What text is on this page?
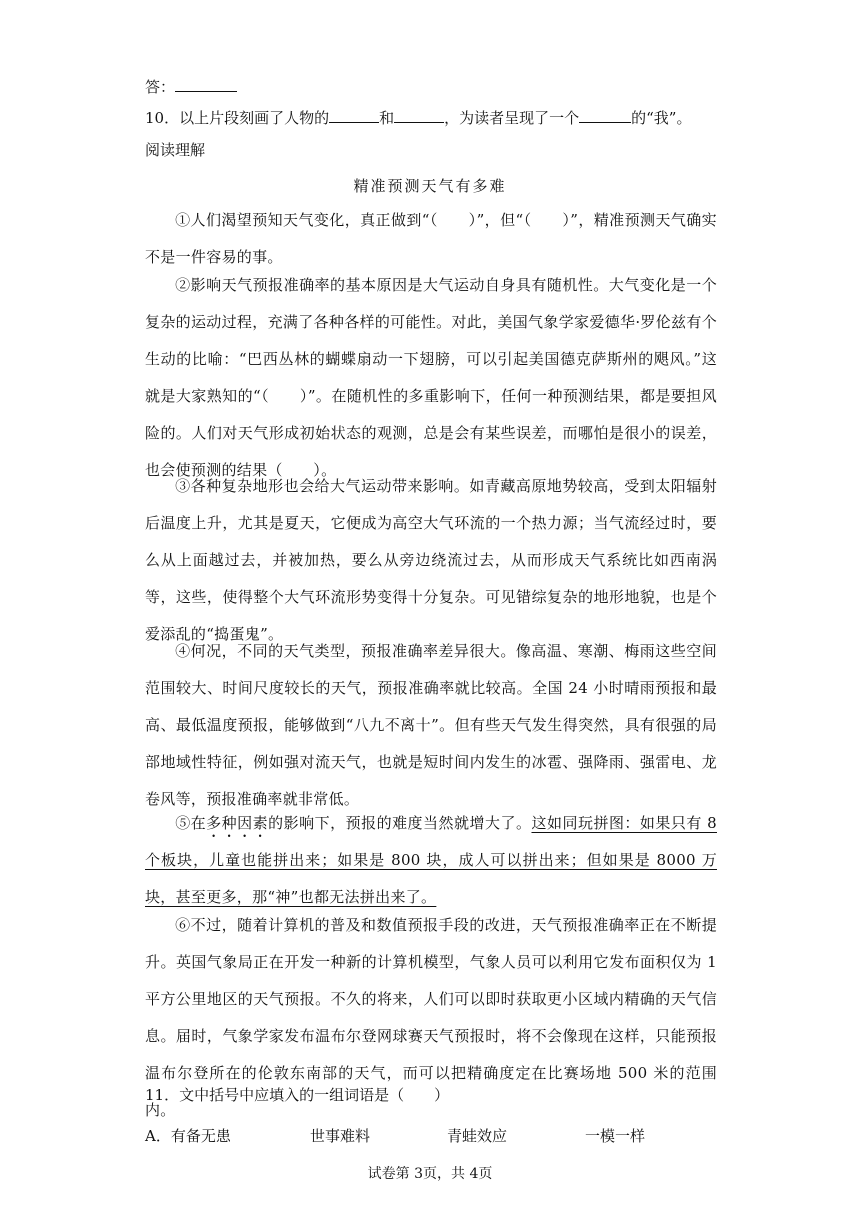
答：
10．以上片段刻画了人物的	和	，为读者呈现了一个	的“我”。
阅读理解
精准预测天气有多难
①人们渴望预知天气变化，真正做到“（　　）”，但“（　　）”，精准预测天气确实不是一件容易的事。
②影响天气预报准确率的基本原因是大气运动自身具有随机性。大气变化是一个复杂的运动过程，充满了各种各样的可能性。对此，美国气象学家爱德华·罗伦兹有个生动的比喻：“巴西丛林的蝴蝶扇动一下翅膀，可以引起美国德克萨斯州的飓风。”这就是大家熟知的“（　　）”。在随机性的多重影响下，任何一种预测结果，都是要担风险的。人们对天气形成初始状态的观测，总是会有某些误差，而哪怕是很小的误差，也会使预测的结果（　　）。
③各种复杂地形也会给大气运动带来影响。如青藏高原地势较高，受到太阳辐射后温度上升，尤其是夏天，它便成为高空大气环流的一个热力源；当气流经过时，要么从上面越过去，并被加热，要么从旁边绕流过去，从而形成天气系统比如西南涡等，这些，使得整个大气环流形势变得十分复杂。可见错综复杂的地形地貌，也是个爱添乱的“捣蛋鬼”。
④何况，不同的天气类型，预报准确率差异很大。像高温、寒潮、梅雨这些空间范围较大、时间尺度较长的天气，预报准确率就比较高。全国 24 小时晴雨预报和最高、最低温度预报，能够做到“八九不离十”。但有些天气发生得突然，具有很强的局部地域性特征，例如强对流天气，也就是短时间内发生的冰雹、强降雨、强雷电、龙卷风等，预报准确率就非常低。
⑤在多种因素的影响下，预报的难度当然就增大了。这如同玩拼图：如果只有 8 个板块，儿童也能拼出来；如果是 800 块，成人可以拼出来；但如果是 8000 万块，甚至更多，那“神”也都无法拼出来了。
⑥不过，随着计算机的普及和数值预报手段的改进，天气预报准确率正在不断提升。英国气象局正在开发一种新的计算机模型，气象人员可以利用它发布面积仅为 1 平方公里地区的天气预报。不久的将来，人们可以即时获取更小区域内精确的天气信息。届时，气象学家发布温布尔登网球赛天气预报时，将不会像现在这样，只能预报温布尔登所在的伦敦东南部的天气，而可以把精确度定在比赛场地 500 米的范围内。
11．文中括号中应填入的一组词语是（　　）
A．有备无患	世事难料	青蛙效应	一模一样
试卷第 3页，共 4页
